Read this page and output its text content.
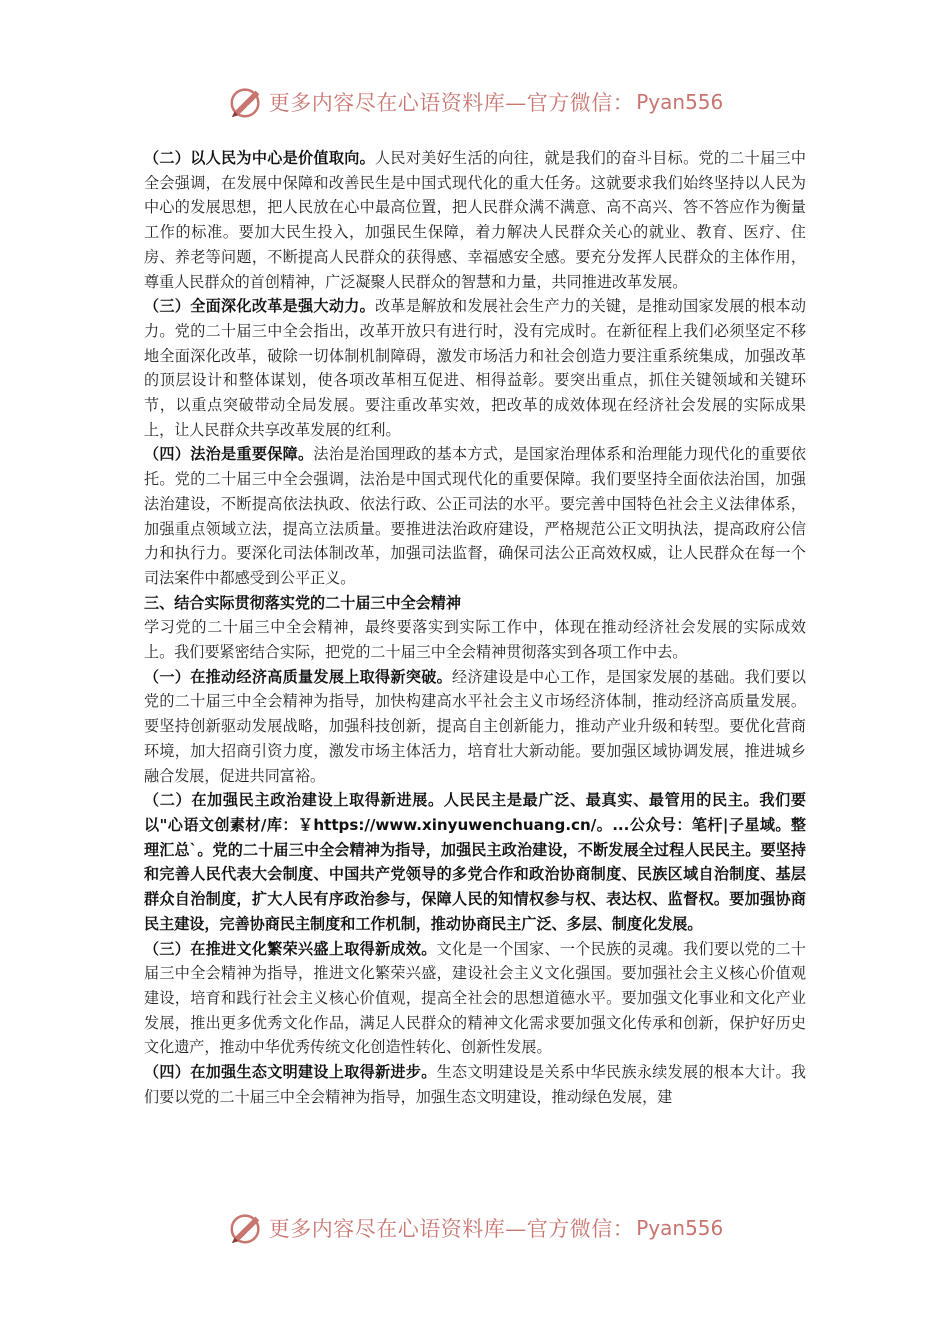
更多内容尽在心语资料库—官方微信： Pyan556

（二）以人民为中心是价值取向。人民对美好生活的向往，就是我们的奋斗目标。党的二十届三中全会强调，在发展中保障和改善民生是中国式现代化的重大任务。这就要求我们始终坚持以人民为中心的发展思想，把人民放在心中最高位置，把人民群众满不满意、高不高兴、答不答应作为衡量工作的标准。要加大民生投入，加强民生保障，着力解决人民群众关心的就业、教育、医疗、住房、养老等问题，不断提高人民群众的获得感、幸福感安全感。要充分发挥人民群众的主体作用，尊重人民群众的首创精神，广泛凝聚人民群众的智慧和力量，共同推进改革发展。

（三）全面深化改革是强大动力。改革是解放和发展社会生产力的关键，是推动国家发展的根本动力。党的二十届三中全会指出，改革开放只有进行时，没有完成时。在新征程上我们必须坚定不移地全面深化改革，破除一切体制机制障碍，激发市场活力和社会创造力要注重系统集成，加强改革的顶层设计和整体谋划，使各项改革相互促进、相得益彰。要突出重点，抓住关键领域和关键环节，以重点突破带动全局发展。要注重改革实效，把改革的成效体现在经济社会发展的实际成果上，让人民群众共享改革发展的红利。

（四）法治是重要保障。法治是治国理政的基本方式，是国家治理体系和治理能力现代化的重要依托。党的二十届三中全会强调，法治是中国式现代化的重要保障。我们要坚持全面依法治国，加强法治建设，不断提高依法执政、依法行政、公正司法的水平。要完善中国特色社会主义法律体系，加强重点领域立法，提高立法质量。要推进法治政府建设，严格规范公正文明执法，提高政府公信力和执行力。要深化司法体制改革，加强司法监督，确保司法公正高效权威，让人民群众在每一个司法案件中都感受到公平正义。

三、结合实际贯彻落实党的二十届三中全会精神

学习党的二十届三中全会精神，最终要落实到实际工作中，体现在推动经济社会发展的实际成效上。我们要紧密结合实际，把党的二十届三中全会精神贯彻落实到各项工作中去。

（一）在推动经济高质量发展上取得新突破。经济建设是中心工作，是国家发展的基础。我们要以党的二十届三中全会精神为指导，加快构建高水平社会主义市场经济体制，推动经济高质量发展。要坚持创新驱动发展战略，加强科技创新，提高自主创新能力，推动产业升级和转型。要优化营商环境，加大招商引资力度，激发市场主体活力，培育壮大新动能。要加强区域协调发展，推进城乡融合发展，促进共同富裕。

（二）在加强民主政治建设上取得新进展。人民民主是最广泛、最真实、最管用的民主。我们要以"心语文创素材/库：￥https://www.xinyuwenchuang.cn/。...公众号：笔杆|子星域。整理汇总`。党的二十届三中全会精神为指导，加强民主政治建设，不断发展全过程人民民主。要坚持和完善人民代表大会制度、中国共产党领导的多党合作和政治协商制度、民族区域自治制度、基层群众自治制度，扩大人民有序政治参与，保障人民的知情权参与权、表达权、监督权。要加强协商民主建设，完善协商民主制度和工作机制，推动协商民主广泛、多层、制度化发展。

（三）在推进文化繁荣兴盛上取得新成效。文化是一个国家、一个民族的灵魂。我们要以党的二十届三中全会精神为指导，推进文化繁荣兴盛，建设社会主义文化强国。要加强社会主义核心价值观建设，培育和践行社会主义核心价值观，提高全社会的思想道德水平。要加强文化事业和文化产业发展，推出更多优秀文化作品，满足人民群众的精神文化需求要加强文化传承和创新，保护好历史文化遗产，推动中华优秀传统文化创造性转化、创新性发展。

（四）在加强生态文明建设上取得新进步。生态文明建设是关系中华民族永续发展的根本大计。我们要以党的二十届三中全会精神为指导，加强生态文明建设，推动绿色发展，建

更多内容尽在心语资料库—官方微信： Pyan556
